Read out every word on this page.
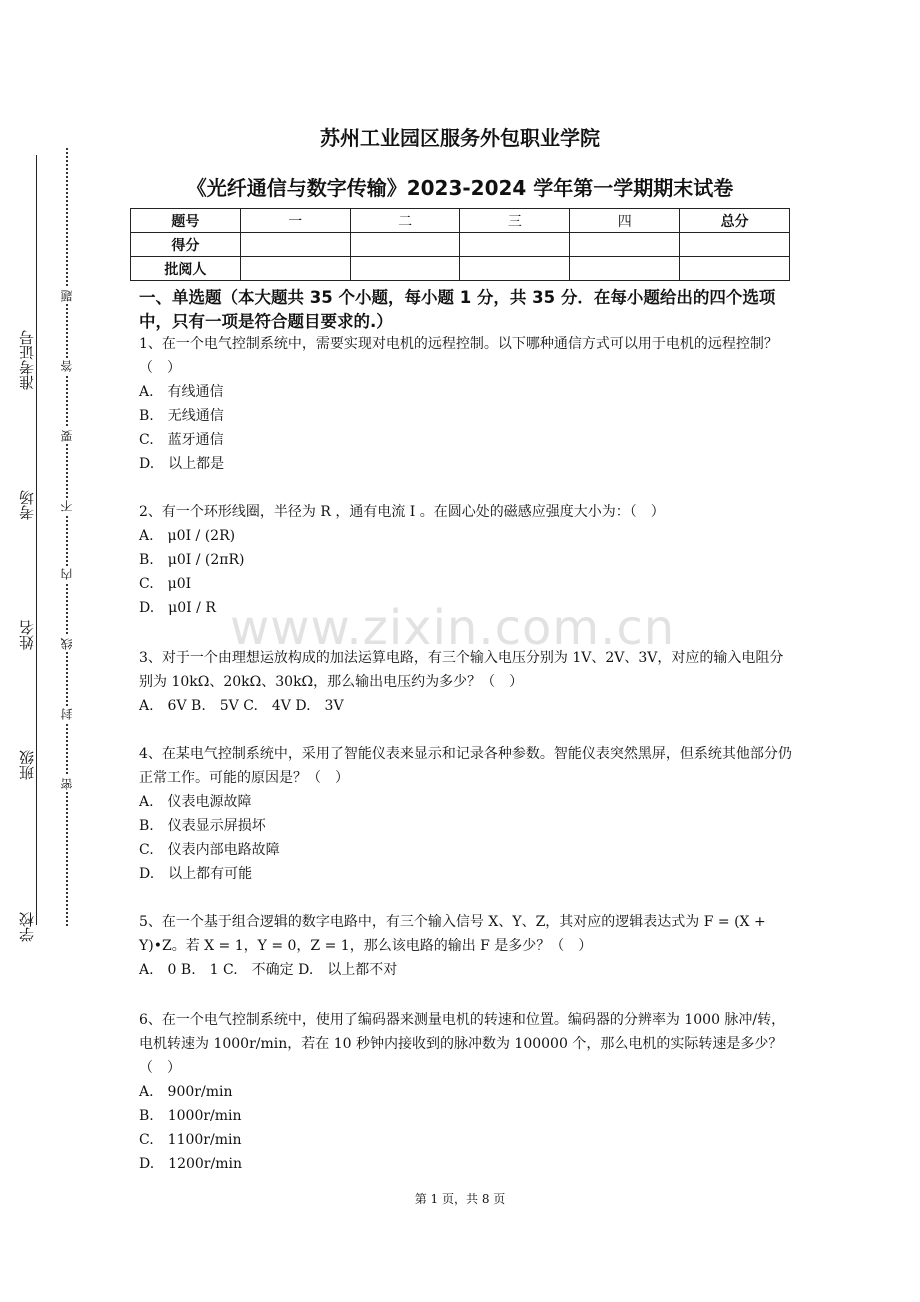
准考证号
考场
姓名
班级
学校
题
答
要
不
内
线
封
密
苏州工业园区服务外包职业学院
《光纤通信与数字传输》2023-2024 学年第一学期期末试卷
题号	一	二	三	四	总分
得分					
批阅人					
一、单选题（本大题共 35 个小题，每小题 1 分，共 35 分．在每小题给出的四个选项中，只有一项是符合题目要求的.）
www.zixin.com.cn

1、在一个电气控制系统中，需要实现对电机的远程控制。以下哪种通信方式可以用于电机的远程控制？（　）

A.　有线通信

B.　无线通信

C.　蓝牙通信

D.　以上都是

2、有一个环形线圈，半径为 R ，通有电流 I 。在圆心处的磁感应强度大小为：（　）

A.　μ0I / (2R)

B.　μ0I / (2πR)

C.　μ0I

D.　μ0I / R

3、对于一个由理想运放构成的加法运算电路，有三个输入电压分别为 1V、2V、3V，对应的输入电阻分别为 10kΩ、20kΩ、30kΩ，那么输出电压约为多少？（　）

A.　6V B.　5V C.　4V D.　3V

4、在某电气控制系统中，采用了智能仪表来显示和记录各种参数。智能仪表突然黑屏，但系统其他部分仍正常工作。可能的原因是？（　）

A.　仪表电源故障

B.　仪表显示屏损坏

C.　仪表内部电路故障

D.　以上都有可能

5、在一个基于组合逻辑的数字电路中，有三个输入信号 X、Y、Z，其对应的逻辑表达式为 F = (X + Y)•Z。若 X = 1，Y = 0，Z = 1，那么该电路的输出 F 是多少？（　）

A.　0 B.　1 C.　不确定 D.　以上都不对

6、在一个电气控制系统中，使用了编码器来测量电机的转速和位置。编码器的分辨率为 1000 脉冲/转，电机转速为 1000r/min，若在 10 秒钟内接收到的脉冲数为 100000 个，那么电机的实际转速是多少？（　）

A.　900r/min

B.　1000r/min

C.　1100r/min

D.　1200r/min

第 1 页，共 8 页
